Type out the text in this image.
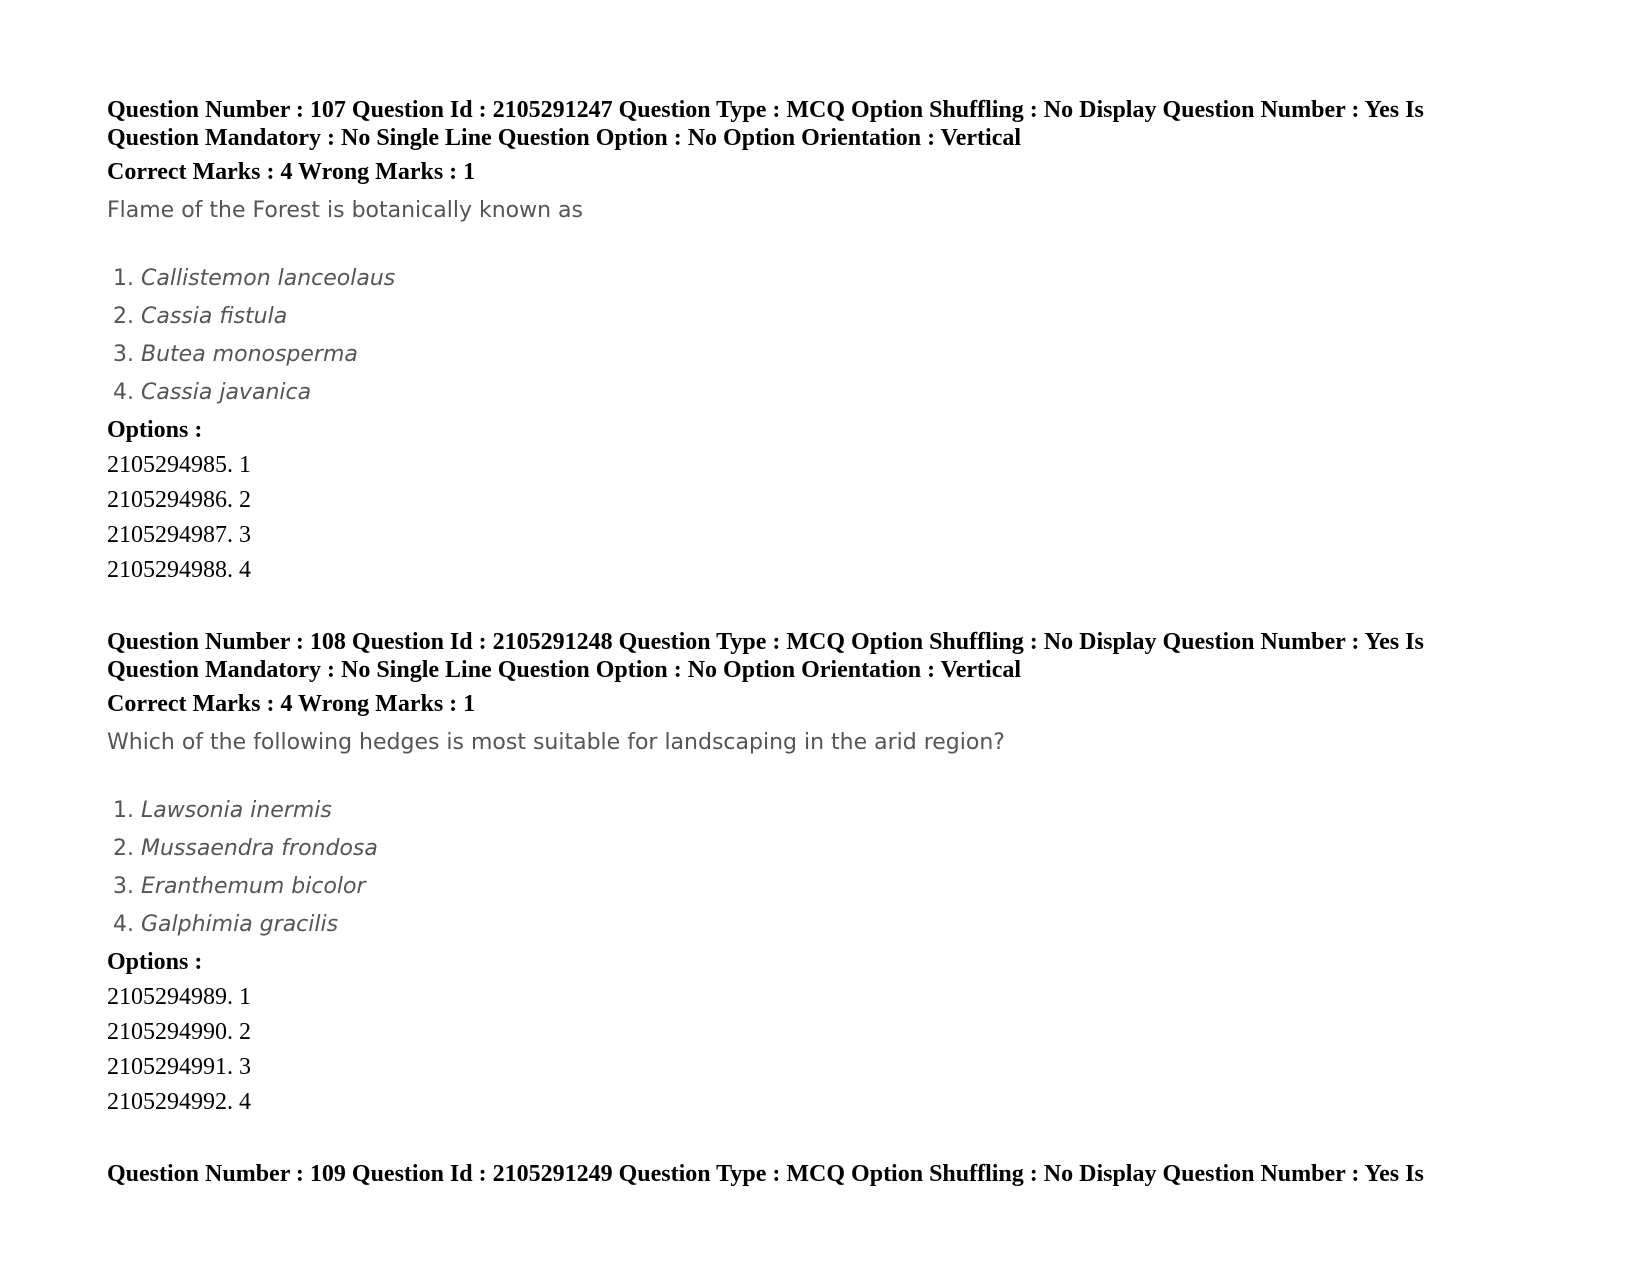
Question Number : 107 Question Id : 2105291247 Question Type : MCQ Option Shuffling : No Display Question Number : Yes Is
Question Mandatory : No Single Line Question Option : No Option Orientation : Vertical
Correct Marks : 4 Wrong Marks : 1
Flame of the Forest is botanically known as
1. Callistemon lanceolaus
2. Cassia fistula
3. Butea monosperma
4. Cassia javanica
Options :
2105294985. 1
2105294986. 2
2105294987. 3
2105294988. 4
Question Number : 108 Question Id : 2105291248 Question Type : MCQ Option Shuffling : No Display Question Number : Yes Is
Question Mandatory : No Single Line Question Option : No Option Orientation : Vertical
Correct Marks : 4 Wrong Marks : 1
Which of the following hedges is most suitable for landscaping in the arid region?
1. Lawsonia inermis
2. Mussaendra frondosa
3. Eranthemum bicolor
4. Galphimia gracilis
Options :
2105294989. 1
2105294990. 2
2105294991. 3
2105294992. 4
Question Number : 109 Question Id : 2105291249 Question Type : MCQ Option Shuffling : No Display Question Number : Yes Is
